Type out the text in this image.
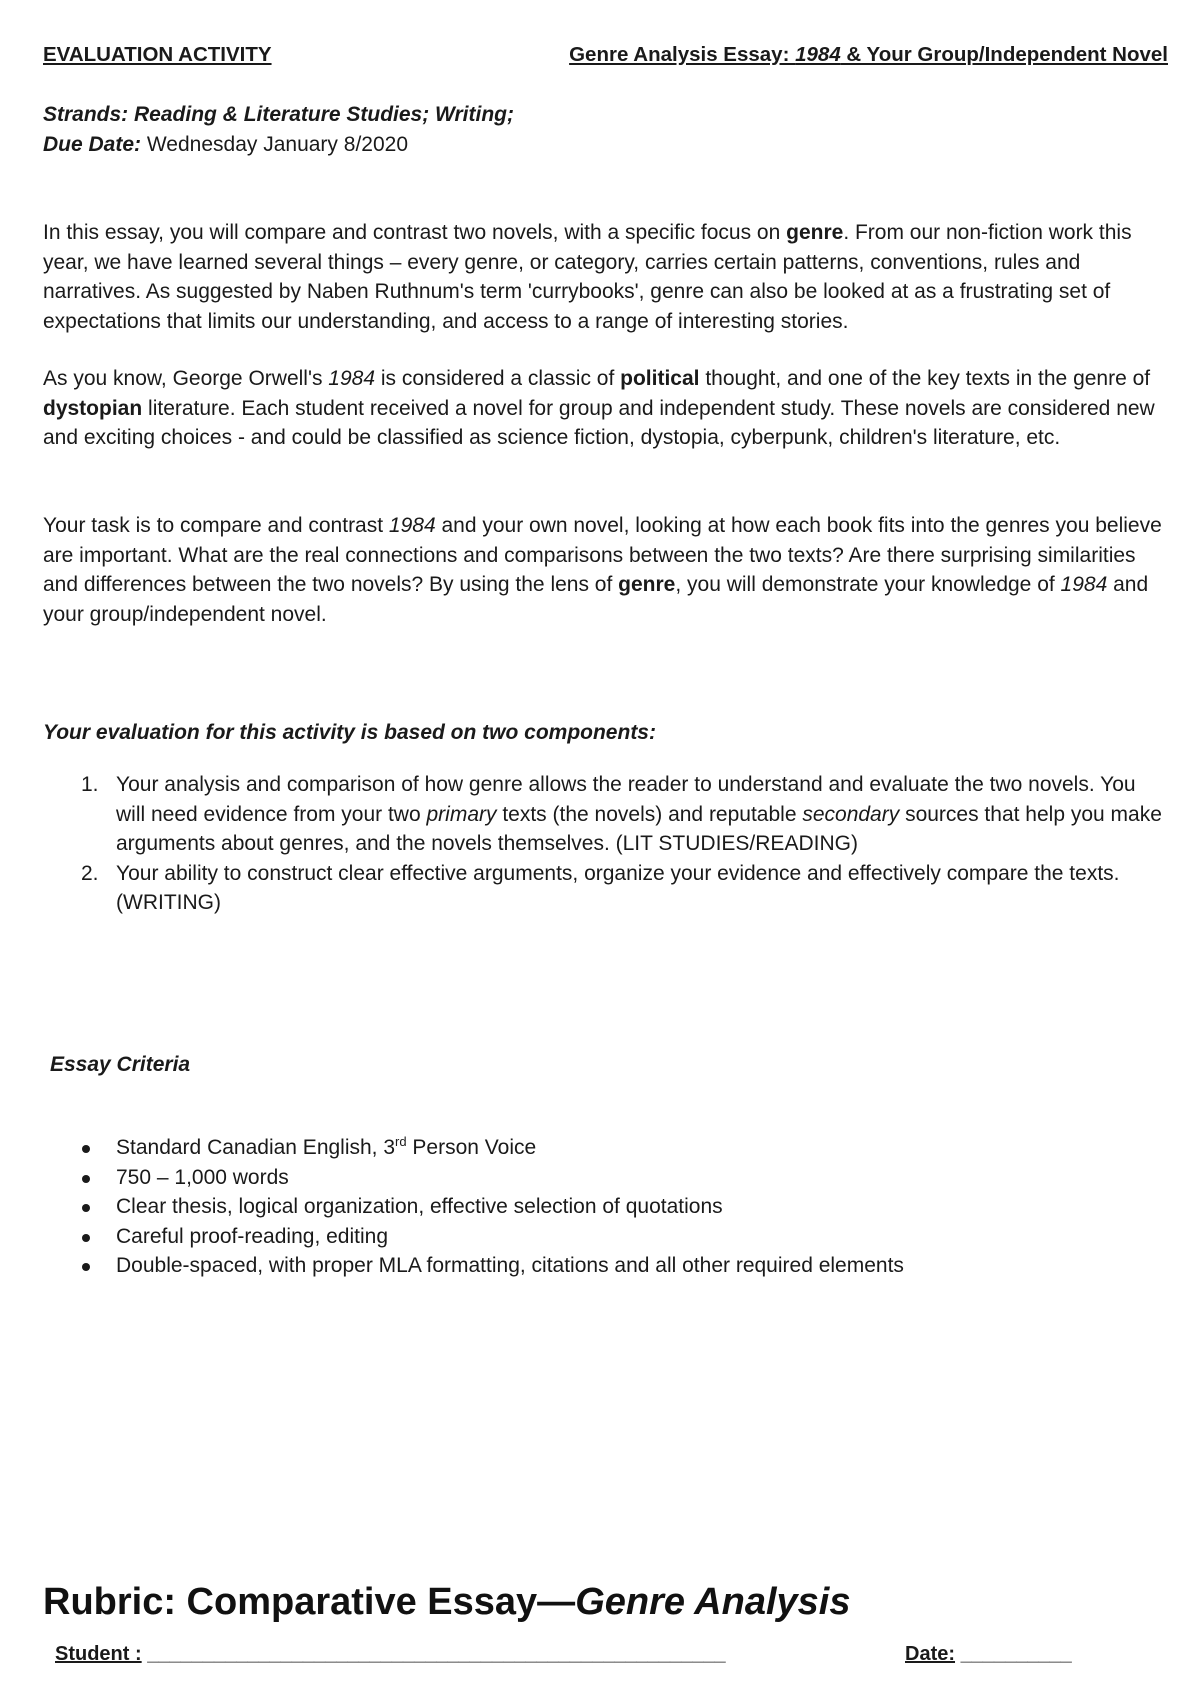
EVALUATION ACTIVITY	Genre Analysis Essay: 1984 & Your Group/Independent Novel
Strands: Reading & Literature Studies; Writing;
Due Date: Wednesday January 8/2020

In this essay, you will compare and contrast two novels, with a specific focus on genre. From our non-fiction work this year, we have learned several things – every genre, or category, carries certain patterns, conventions, rules and narratives. As suggested by Naben Ruthnum's term 'currybooks', genre can also be looked at as a frustrating set of expectations that limits our understanding, and access to a range of interesting stories.

As you know, George Orwell's 1984 is considered a classic of political thought, and one of the key texts in the genre of dystopian literature. Each student received a novel for group and independent study. These novels are considered new and exciting choices - and could be classified as science fiction, dystopia, cyberpunk, children's literature, etc.

Your task is to compare and contrast 1984 and your own novel, looking at how each book fits into the genres you believe are important. What are the real connections and comparisons between the two texts? Are there surprising similarities and differences between the two novels? By using the lens of genre, you will demonstrate your knowledge of 1984 and your group/independent novel.

Your evaluation for this activity is based on two components:
1. Your analysis and comparison of how genre allows the reader to understand and evaluate the two novels. You will need evidence from your two primary texts (the novels) and reputable secondary sources that help you make arguments about genres, and the novels themselves. (LIT STUDIES/READING)
2. Your ability to construct clear effective arguments, organize your evidence and effectively compare the texts. (WRITING)
Essay Criteria
Standard Canadian English, 3rd Person Voice
750 – 1,000 words
Clear thesis, logical organization, effective selection of quotations
Careful proof-reading, editing
Double-spaced, with proper MLA formatting, citations and all other required elements
Rubric: Comparative Essay—Genre Analysis
Student : ____________________________________________________	Date: __________
